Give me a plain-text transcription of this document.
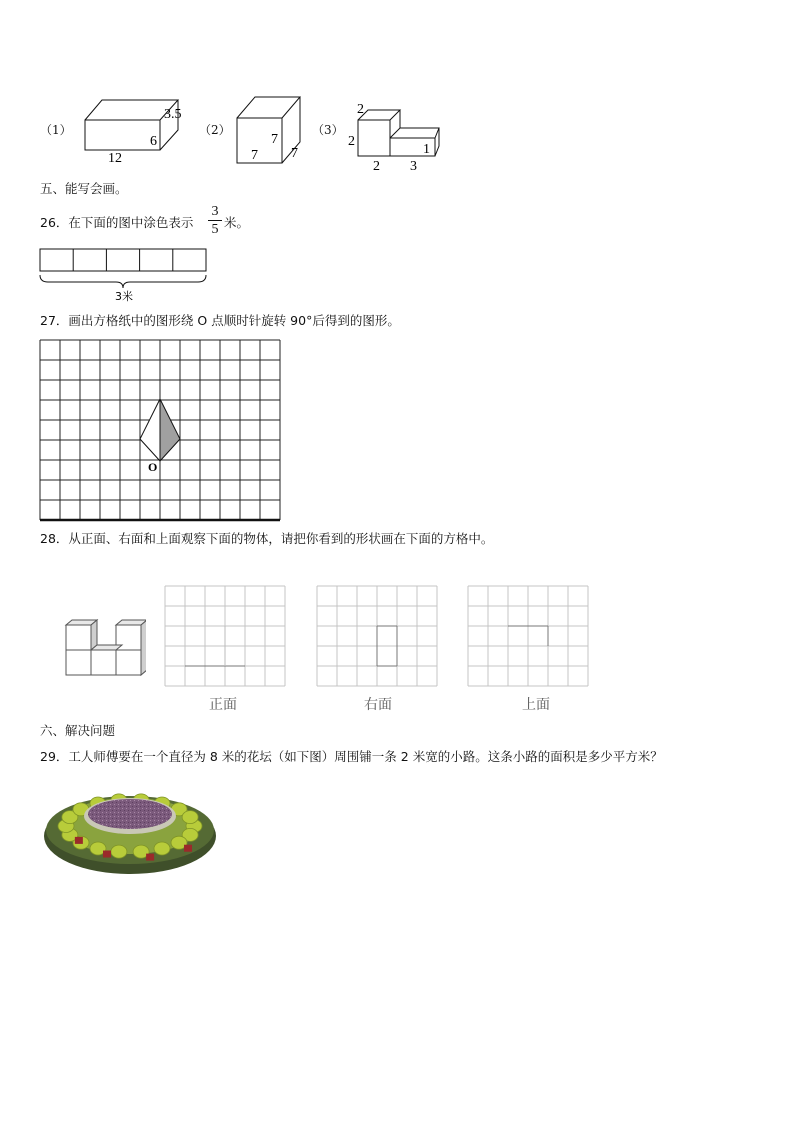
（1）
12
6
3.5
（2）
7
7 7
（3）
2
2
2 3
1
五、能写会画。
26．在下面的图中涂色表示
3
5 米。
3米
27．画出方格纸中的图形绕 O 点顺时针旋转 90°后得到的图形。
O
28．从正面、右面和上面观察下面的物体，请把你看到的形状画在下面的方格中。
正面	右面	上面
六、解决问题
29．工人师傅要在一个直径为 8 米的花坛（如下图）周围铺一条 2 米宽的小路。这条小路的面积是多少平方米？
